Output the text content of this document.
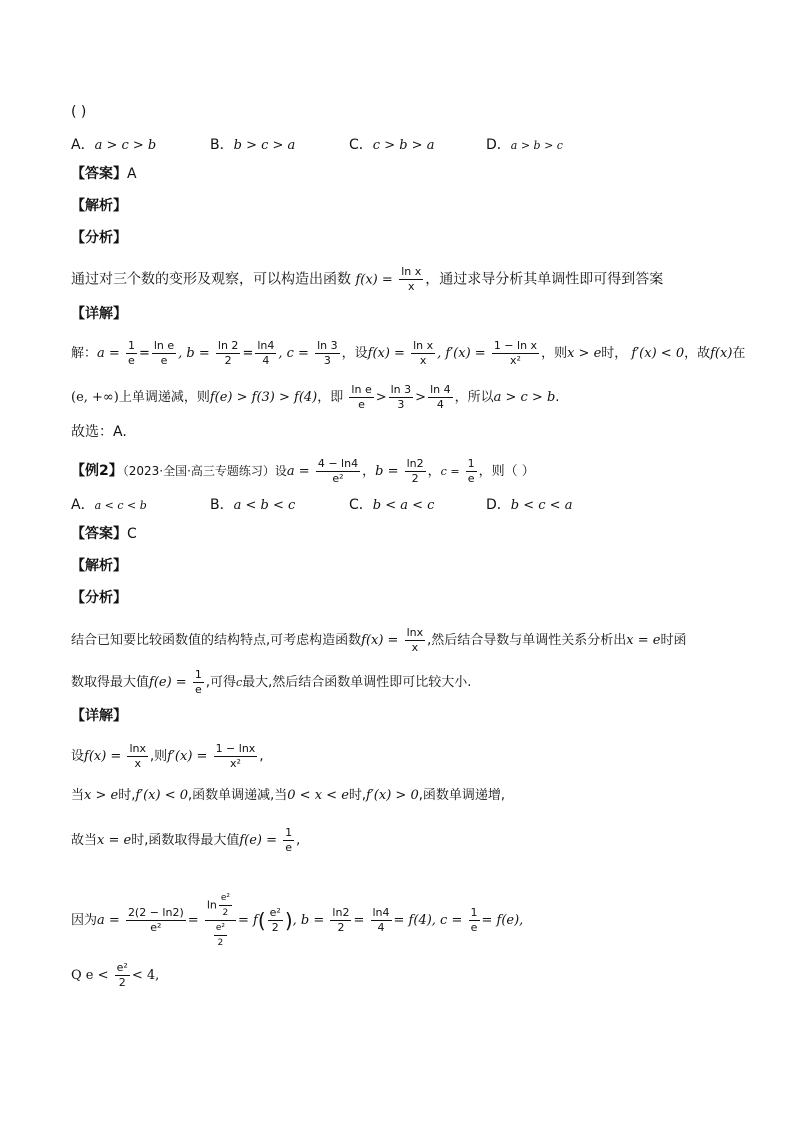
( )
A．a > c > b	B．b > c > a	C．c > b > a	D．a > b > c
【答案】A
【解析】
【分析】
通过对三个数的变形及观察，可以构造出函数 $f(x) = \frac{\text{ln x}}{x}$ ，通过求导分析其单调性即可得到答案
【详解】
解：$a = \frac{1}{e} = \frac{\text{ln e}}{e}$ , $b = \frac{\ln 2}{2} = \frac{\ln 4}{4}$ , $c = \frac{\ln 3}{3}$ ，设$f(x) = \frac{\text{ln x}}{x}$ , $f'(x) = \frac{\text{1 − ln x}}{\text{x²}}$ ，则x > e时， f′(x) < 0，故f(x)在
(e, +∞)上单调递减，则f(e) > f(3) > f(4)，即 $\frac{\text{ln e}}{e} > \frac{\ln 3}{3} > \frac{\ln 4}{4}$ ，所以a > c > b.
故选：A.
【例2】（2023·全国·高三专题练习）设$a = \frac{4 - \ln 4}{\text{e²}}$ ，$b = \frac{\ln 2}{2}$ ，$c = \frac{1}{e}$ ，则（ ）
A．a < c < b	B．a < b < c	C．b < a < c	D．b < c < a
【答案】C
【解析】
【分析】
结合已知要比较函数值的结构特点,可考虑构造函数$f(x) = \frac{\ln x}{x}$ ,然后结合导数与单调性关系分析出x = e时函
数取得最大值$f(e) = \frac{1}{e}$ ,可得c最大,然后结合函数单调性即可比较大小.
【详解】
设$f(x) = \frac{\ln x}{x}$ ,则$f'(x) = \frac{1 - \ln x}{\text{x²}}$ ,
当x > e时,f′(x) < 0,函数单调递减,当0 < x < e时,f′(x) > 0,函数单调递增,
故当x = e时,函数取得最大值$f(e) = \frac{1}{e}$ ,
因为$a = \frac{2(2 - \ln 2)}{\text{e²}} = \frac{\ln \frac{\text{e²}}{2}}{\frac{\text{e²}}{2}} = f( \frac{\text{e²}}{2}$ ), $b = \frac{\ln 2}{2} = \frac{\ln 4}{4} = f(4)$, $c = \frac{1}{e} = f(e)$,
Q $e < \frac{\text{e²}}{2} < 4$,
